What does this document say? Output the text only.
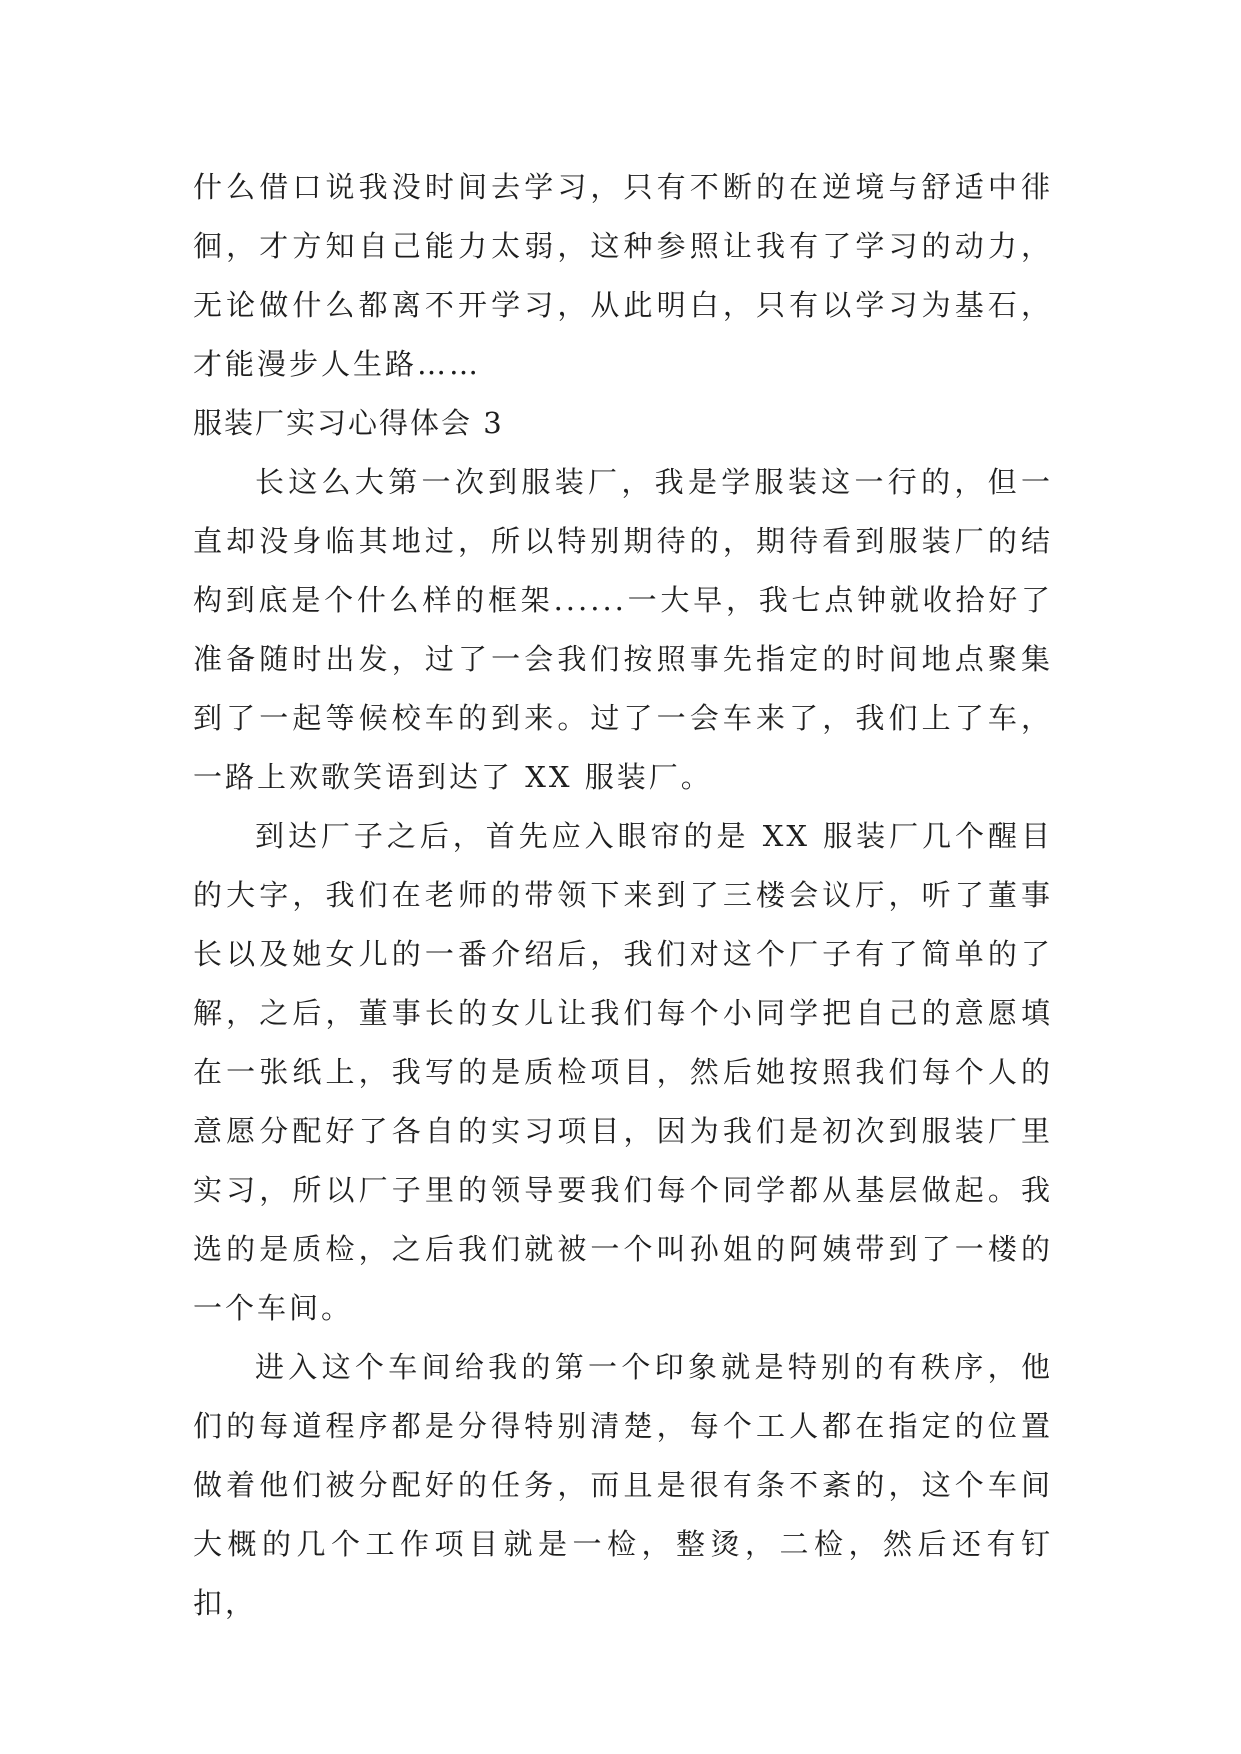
什么借口说我没时间去学习，只有不断的在逆境与舒适中徘徊，才方知自己能力太弱，这种参照让我有了学习的动力，无论做什么都离不开学习，从此明白，只有以学习为基石，才能漫步人生路……

服装厂实习心得体会 3

长这么大第一次到服装厂，我是学服装这一行的，但一直却没身临其地过，所以特别期待的，期待看到服装厂的结构到底是个什么样的框架......一大早，我七点钟就收拾好了准备随时出发，过了一会我们按照事先指定的时间地点聚集到了一起等候校车的到来。过了一会车来了，我们上了车，一路上欢歌笑语到达了 XX 服装厂。

到达厂子之后，首先应入眼帘的是 XX 服装厂几个醒目的大字，我们在老师的带领下来到了三楼会议厅，听了董事长以及她女儿的一番介绍后，我们对这个厂子有了简单的了解，之后，董事长的女儿让我们每个小同学把自己的意愿填在一张纸上，我写的是质检项目，然后她按照我们每个人的意愿分配好了各自的实习项目，因为我们是初次到服装厂里实习，所以厂子里的领导要我们每个同学都从基层做起。我选的是质检，之后我们就被一个叫孙姐的阿姨带到了一楼的一个车间。

进入这个车间给我的第一个印象就是特别的有秩序，他们的每道程序都是分得特别清楚，每个工人都在指定的位置做着他们被分配好的任务，而且是很有条不紊的，这个车间大概的几个工作项目就是一检，整烫，二检，然后还有钉扣，
